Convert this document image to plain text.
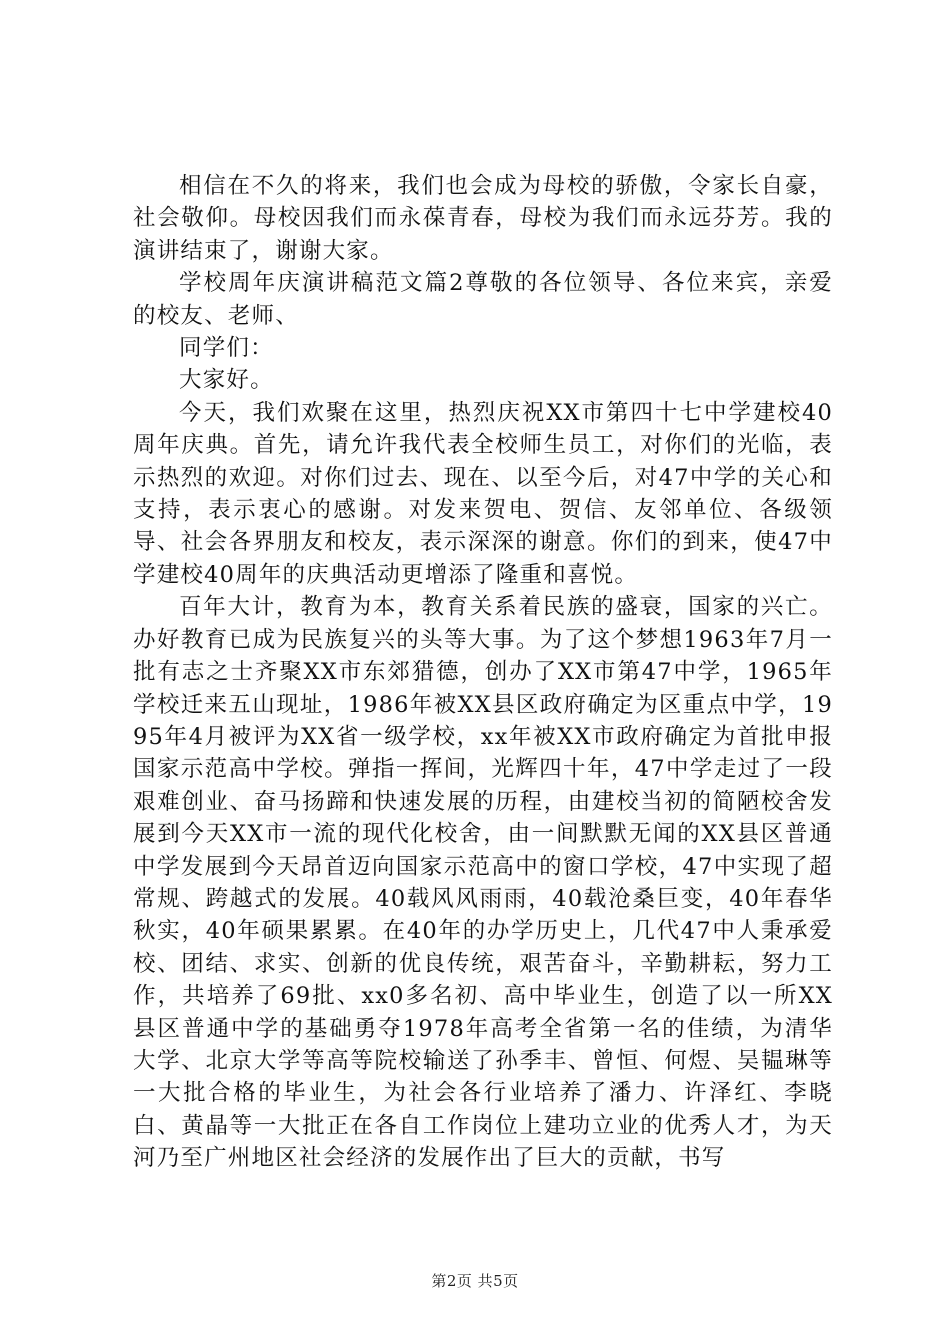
相信在不久的将来，我们也会成为母校的骄傲，令家长自豪，社会敬仰。母校因我们而永葆青春，母校为我们而永远芬芳。我的演讲结束了，谢谢大家。

学校周年庆演讲稿范文篇2尊敬的各位领导、各位来宾，亲爱的校友、老师、

同学们：

大家好。

今天，我们欢聚在这里，热烈庆祝XX市第四十七中学建校40周年庆典。首先，请允许我代表全校师生员工，对你们的光临，表示热烈的欢迎。对你们过去、现在、以至今后，对47中学的关心和支持，表示衷心的感谢。对发来贺电、贺信、友邻单位、各级领导、社会各界朋友和校友，表示深深的谢意。你们的到来，使47中学建校40周年的庆典活动更增添了隆重和喜悦。

百年大计，教育为本，教育关系着民族的盛衰，国家的兴亡。办好教育已成为民族复兴的头等大事。为了这个梦想1963年7月一批有志之士齐聚XX市东郊猎德，创办了XX市第47中学，1965年学校迁来五山现址，1986年被XX县区政府确定为区重点中学，1995年4月被评为XX省一级学校，xx年被XX市政府确定为首批申报国家示范高中学校。弹指一挥间，光辉四十年，47中学走过了一段艰难创业、奋马扬蹄和快速发展的历程，由建校当初的简陋校舍发展到今天XX市一流的现代化校舍，由一间默默无闻的XX县区普通中学发展到今天昂首迈向国家示范高中的窗口学校，47中实现了超常规、跨越式的发展。40载风风雨雨，40载沧桑巨变，40年春华秋实，40年硕果累累。在40年的办学历史上，几代47中人秉承爱校、团结、求实、创新的优良传统，艰苦奋斗，辛勤耕耘，努力工作，共培养了69批、xx0多名初、高中毕业生，创造了以一所XX县区普通中学的基础勇夺1978年高考全省第一名的佳绩，为清华大学、北京大学等高等院校输送了孙季丰、曾恒、何煜、吴韫琳等一大批合格的毕业生，为社会各行业培养了潘力、许泽红、李晓白、黄晶等一大批正在各自工作岗位上建功立业的优秀人才，为天河乃至广州地区社会经济的发展作出了巨大的贡献，书写

第2页 共5页
